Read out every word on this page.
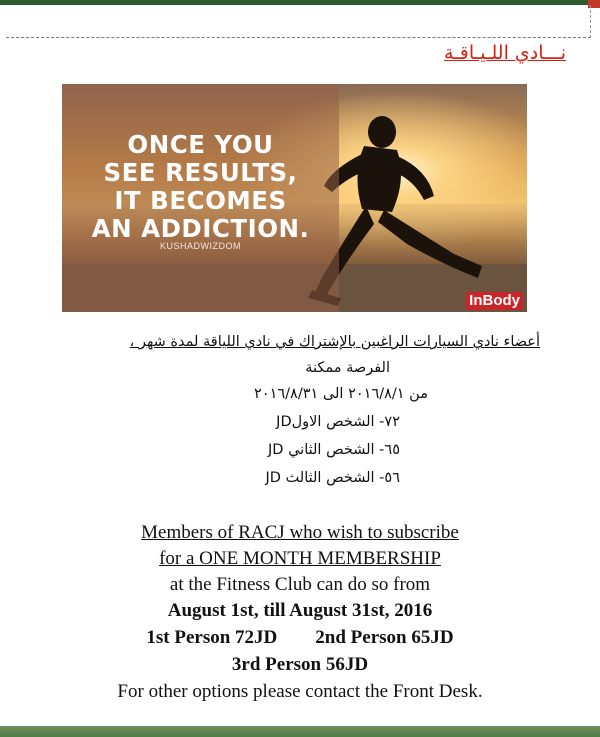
نـــادي اللـيـاقـة
ONCE YOU
SEE RESULTS,
IT BECOMES
AN ADDICTION.
KUSHADWIZDOM
InBody
أعضاء نادي السيارات الراغبين بالإشتراك في نادي اللياقة لمدة شهر ،
الفرصة ممكنة
من ٢٠١٦/٨/١ الى ٢٠١٦/٨/٣١
JD٧٢- الشخص الاول
JD ٦٥- الشخص الثاني
JD ٥٦- الشخص الثالث
Members of RACJ who wish to subscribe
for a ONE MONTH MEMBERSHIP
at the Fitness Club can do so from
August 1st, till August 31st, 2016
1st Person 72JD        2nd Person 65JD
3rd Person 56JD
For other options please contact the Front Desk.
